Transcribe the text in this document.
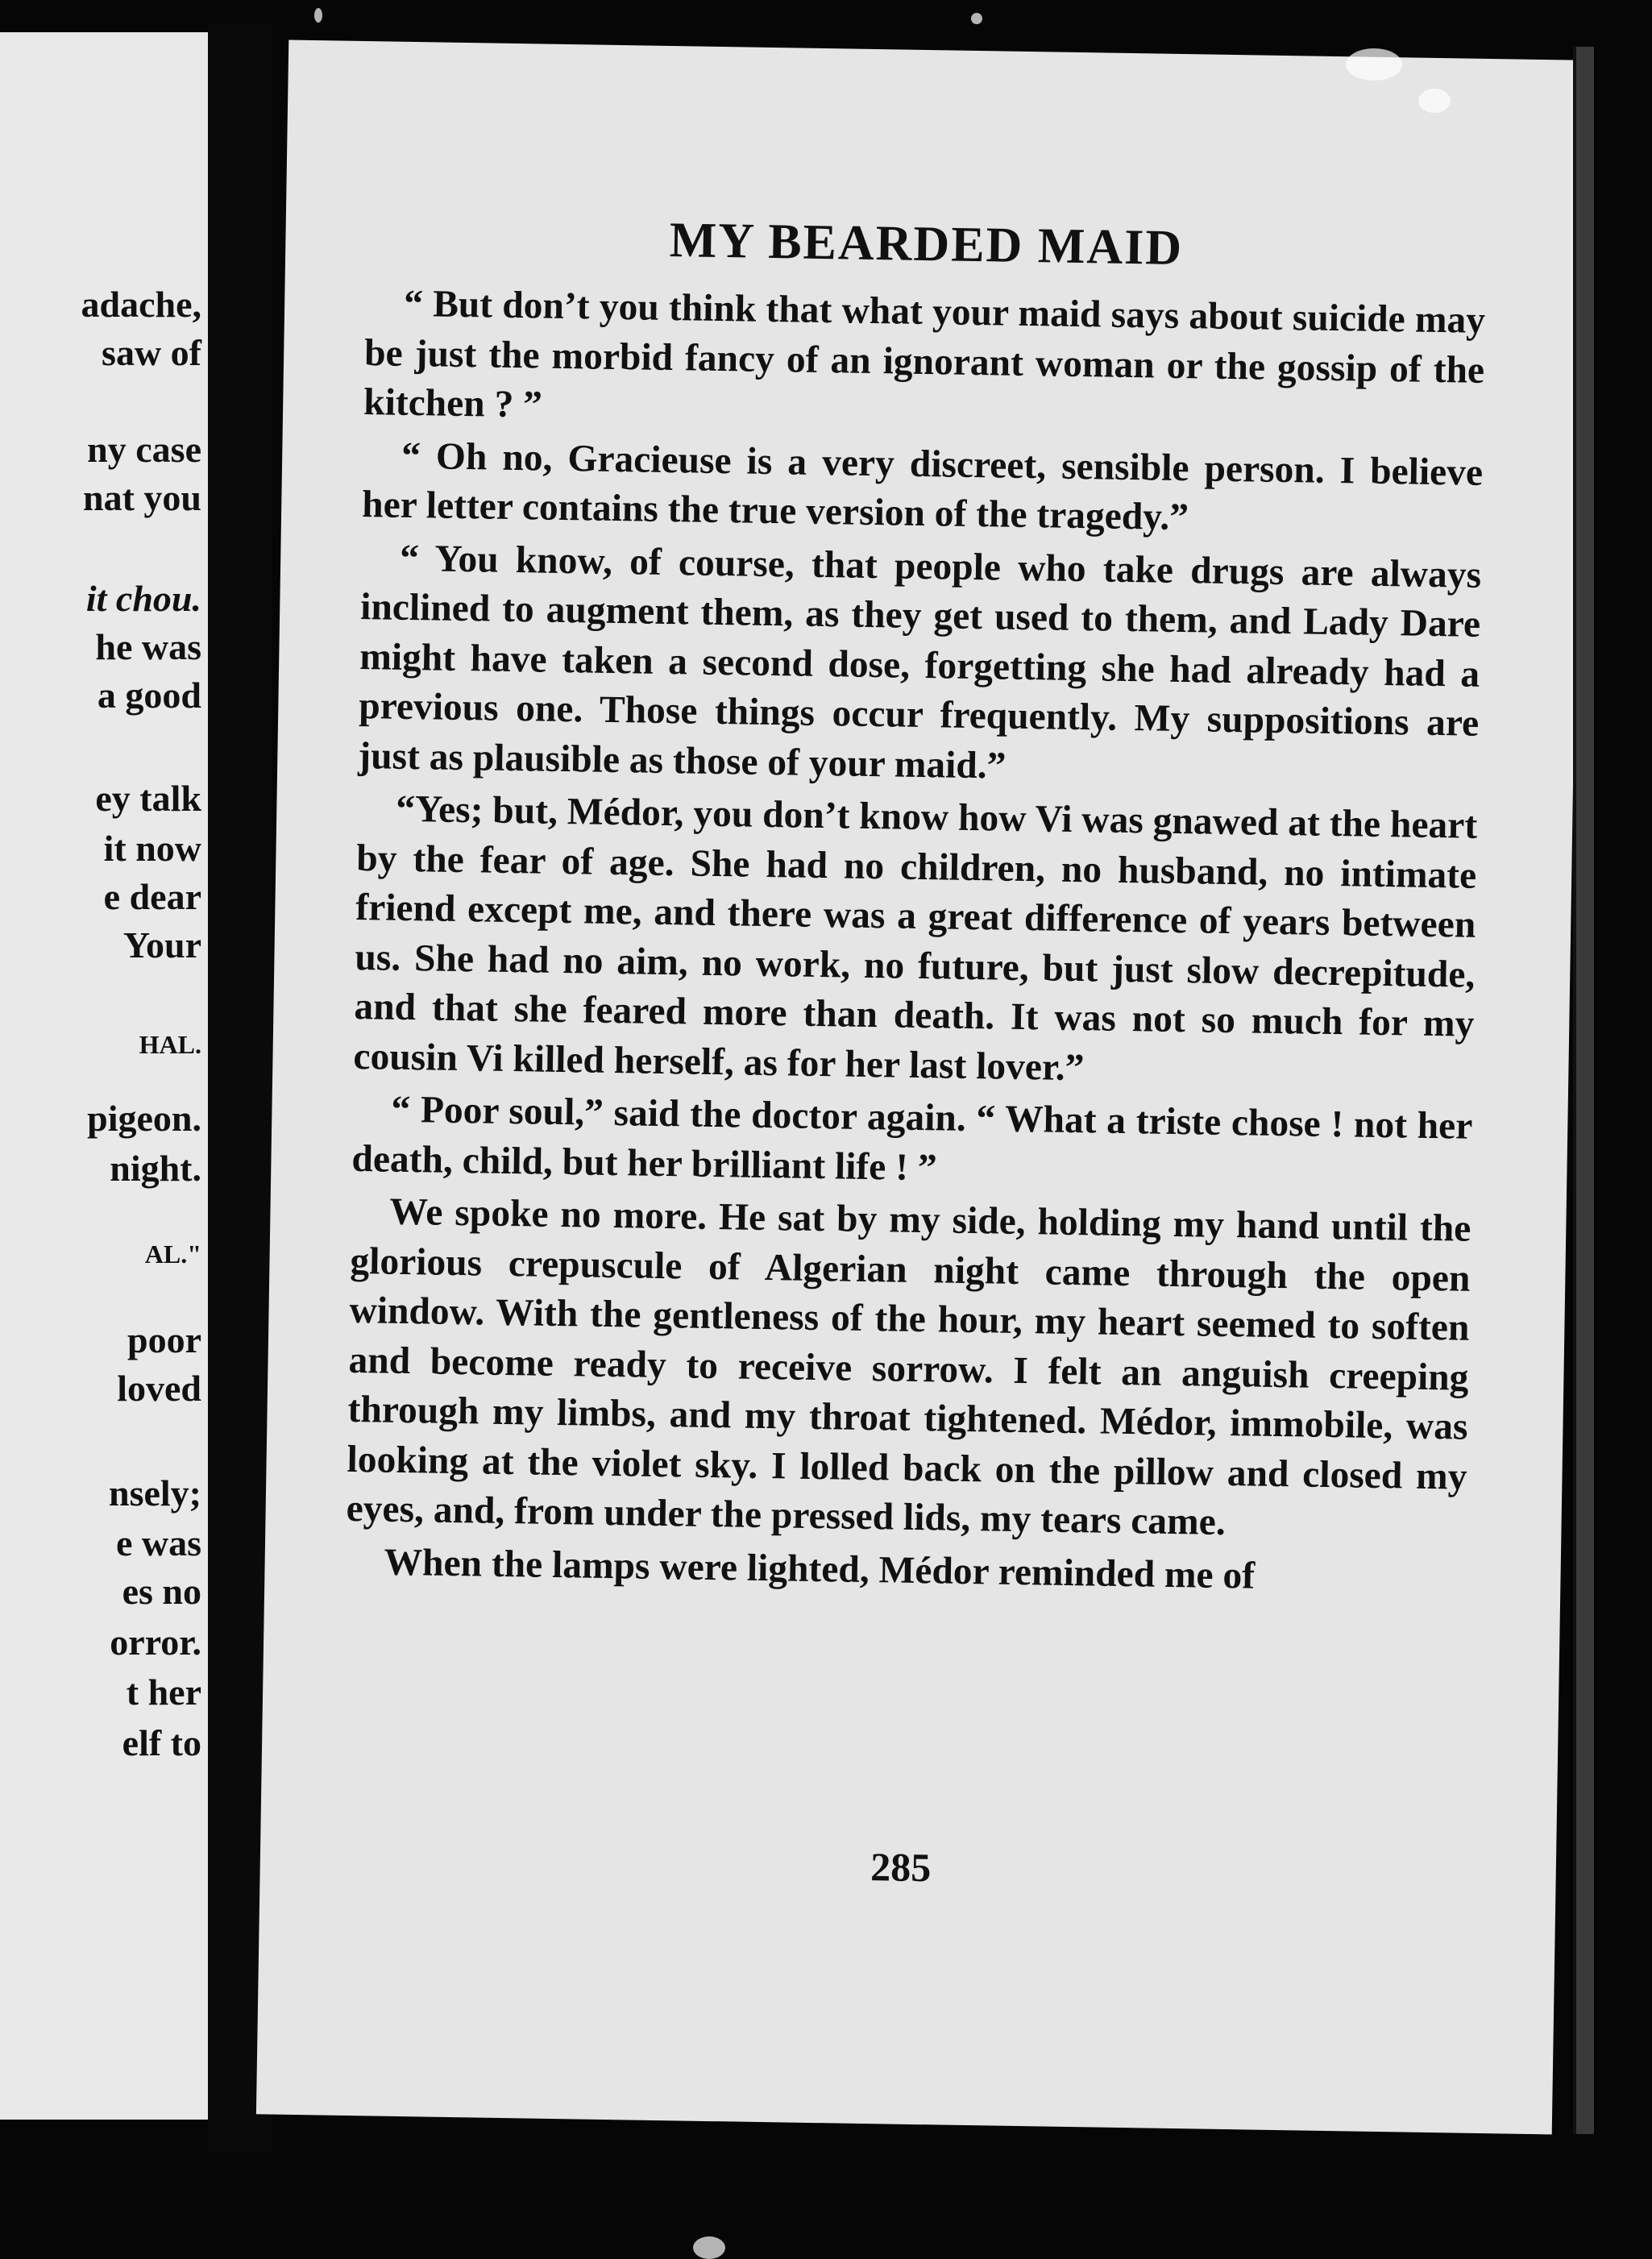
adache,
saw of
ny case
nat you
it chou.
he was
a good
ey talk
it now
e dear
Your
HAL.
pigeon.
night.
AL."
poor
loved
nsely;
e was
es no
orror.
t her
elf to
MY BEARDED MAID

“ But don’t you think that what your maid says about suicide may be just the morbid fancy of an ignorant woman or the gossip of the kitchen ? ”

“ Oh no, Gracieuse is a very discreet, sensible person. I believe her letter contains the true version of the tragedy.”

“ You know, of course, that people who take drugs are always inclined to augment them, as they get used to them, and Lady Dare might have taken a second dose, forgetting she had already had a previous one. Those things occur frequently. My suppositions are just as plausible as those of your maid.”

“Yes; but, Médor, you don’t know how Vi was gnawed at the heart by the fear of age. She had no children, no husband, no intimate friend except me, and there was a great difference of years between us. She had no aim, no work, no future, but just slow decrepitude, and that she feared more than death. It was not so much for my cousin Vi killed herself, as for her last lover.”

“ Poor soul,” said the doctor again. “ What a triste chose ! not her death, child, but her brilliant life ! ”

We spoke no more. He sat by my side, holding my hand until the glorious crepuscule of Algerian night came through the open window. With the gentleness of the hour, my heart seemed to soften and become ready to receive sorrow. I felt an anguish creeping through my limbs, and my throat tightened. Médor, immobile, was looking at the violet sky. I lolled back on the pillow and closed my eyes, and, from under the pressed lids, my tears came.

When the lamps were lighted, Médor reminded me of

285
